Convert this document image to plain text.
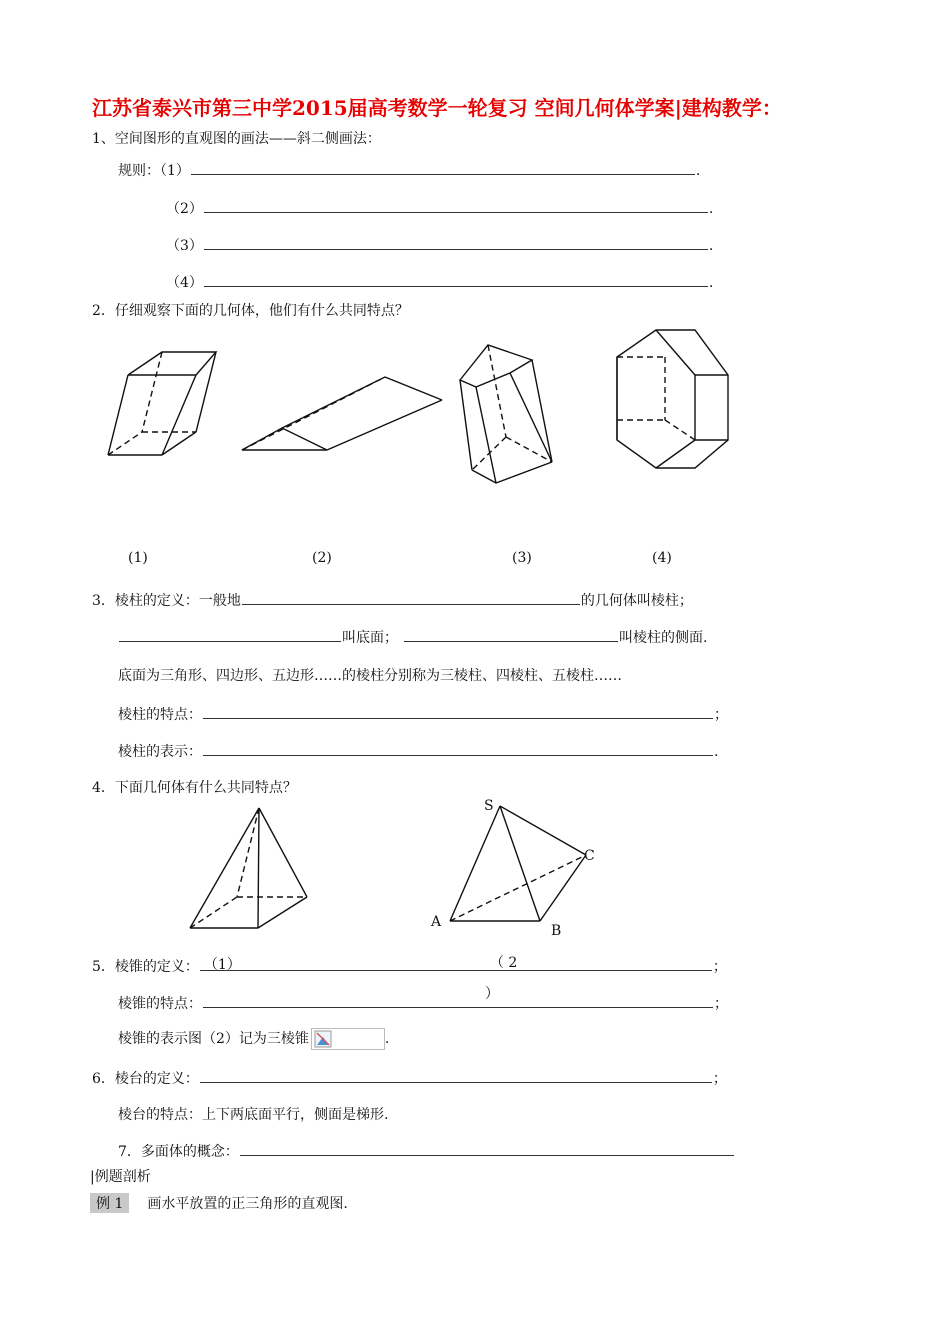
江苏省泰兴市第三中学2015届高考数学一轮复习 空间几何体学案|建构教学：
1、空间图形的直观图的画法——斜二侧画法：
规则：（1）	.
（2）	.
（3）	.
（4）	.
2．仔细观察下面的几何体，他们有什么共同特点？
(1)	(2)	(3)	(4)
3．棱柱的定义：一般地	的几何体叫棱柱；
叫底面；	叫棱柱的侧面.
底面为三角形、四边形、五边形……的棱柱分别称为三棱柱、四棱柱、五棱柱……
棱柱的特点：	；
棱柱的表示：	.
4．下面几何体有什么共同特点？
S
C
A
B
5．棱锥的定义： （1）	（ 2	；
棱锥的特点：
）
；
棱锥的表示图（2）记为三棱锥	.
6．棱台的定义：	；
棱台的特点：上下两底面平行，侧面是梯形.
7．多面体的概念：
|例题剖析
例 1 画水平放置的正三角形的直观图.
